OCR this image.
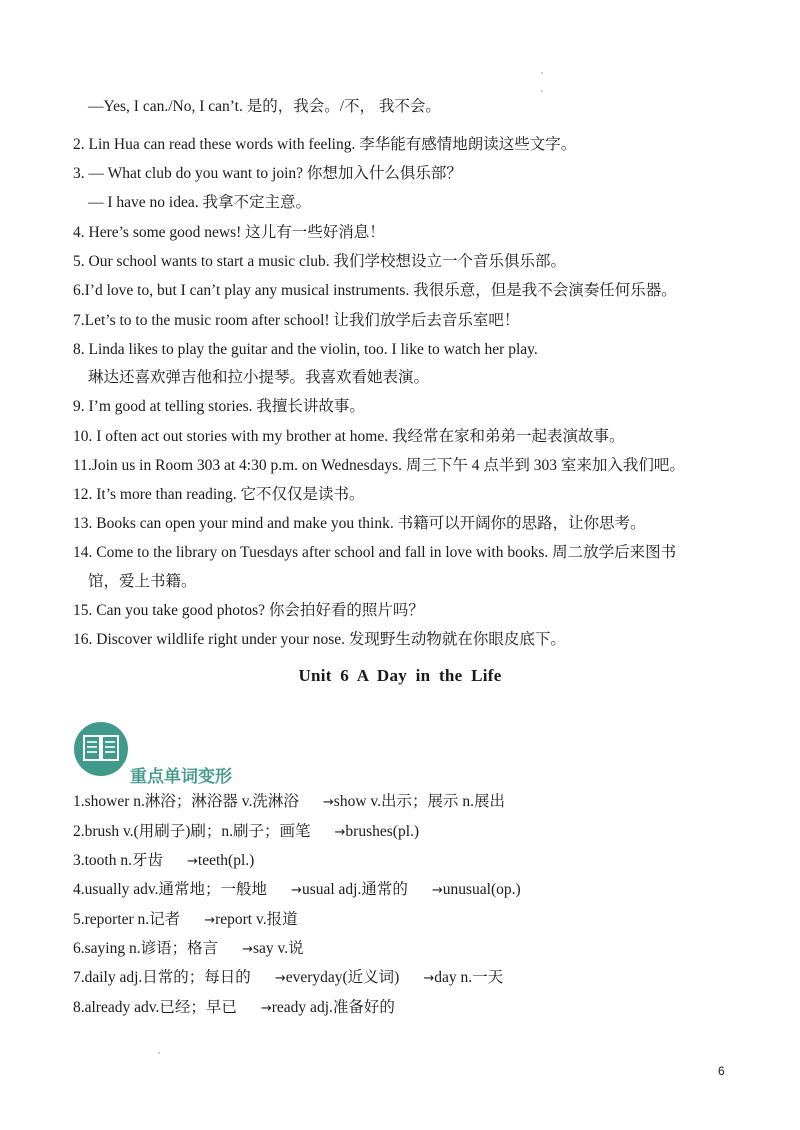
—Yes, I can./No, I can’t. 是的，我会。/不， 我不会。
2. Lin Hua can read these words with feeling. 李华能有感情地朗读这些文字。
3. — What club do you want to join? 你想加入什么俱乐部？
— I have no idea. 我拿不定主意。
4. Here’s some good news! 这儿有一些好消息！
5. Our school wants to start a music club. 我们学校想设立一个音乐俱乐部。
6.I’d love to, but I can’t play any musical instruments. 我很乐意，但是我不会演奏任何乐器。
7.Let’s to to the music room after school! 让我们放学后去音乐室吧！
8. Linda likes to play the guitar and the violin, too. I like to watch her play.
琳达还喜欢弹吉他和拉小提琴。我喜欢看她表演。
9. I’m good at telling stories. 我擅长讲故事。
10. I often act out stories with my brother at home. 我经常在家和弟弟一起表演故事。
11.Join us in Room 303 at 4:30 p.m. on Wednesdays. 周三下午 4 点半到 303 室来加入我们吧。
12. It’s more than reading. 它不仅仅是读书。
13. Books can open your mind and make you think. 书籍可以开阔你的思路，让你思考。
14. Come to the library on Tuesdays after school and fall in love with books. 周二放学后来图书
馆，爱上书籍。
15. Can you take good photos? 你会拍好看的照片吗？
16. Discover wildlife right under your nose. 发现野生动物就在你眼皮底下。
Unit 6 A Day in the Life
重点单词变形
1.shower n.淋浴；淋浴器 v.洗淋浴 →show v.出示；展示 n.展出
2.brush v.(用刷子)刷；n.刷子；画笔 →brushes(pl.)
3.tooth n.牙齿 →teeth(pl.)
4.usually adv.通常地；一般地 →usual adj.通常的 →unusual(op.)
5.reporter n.记者 →report v.报道
6.saying n.谚语；格言 →say v.说
7.daily adj.日常的；每日的 →everyday(近义词) →day n.一天
8.already adv.已经；早已 →ready adj.准备好的
6
